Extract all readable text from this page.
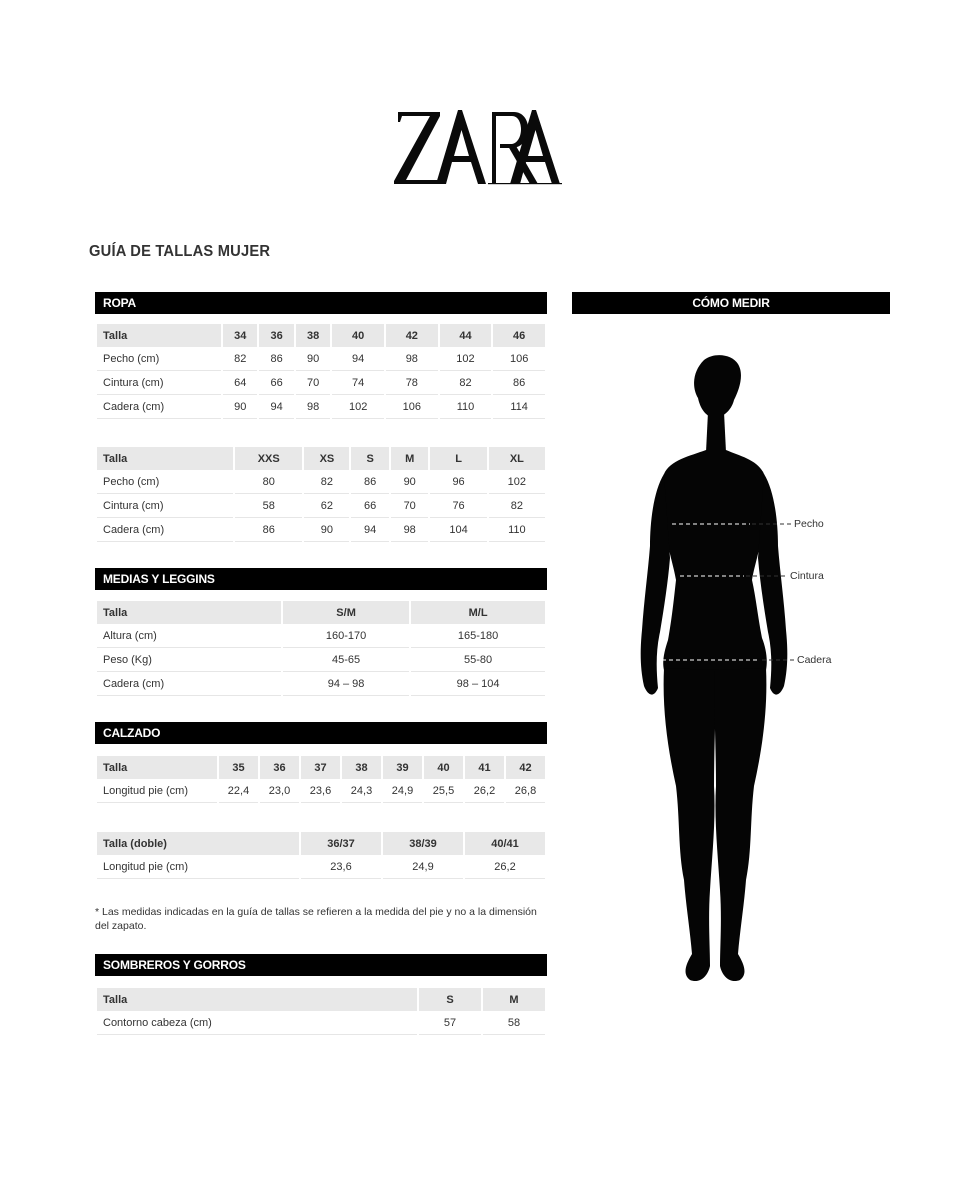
GUÍA DE TALLAS MUJER
ROPA
Talla	34	36	38	40	42	44	46
Pecho (cm)	82	86	90	94	98	102	106
Cintura (cm)	64	66	70	74	78	82	86
Cadera (cm)	90	94	98	102	106	110	114
Talla	XXS	XS	S	M	L	XL
Pecho (cm)	80	82	86	90	96	102
Cintura (cm)	58	62	66	70	76	82
Cadera (cm)	86	90	94	98	104	110
MEDIAS Y LEGGINS
Talla	S/M	M/L
Altura (cm)	160-170	165-180
Peso (Kg)	45-65	55-80
Cadera (cm)	94 – 98	98 – 104
CALZADO
Talla	35	36	37	38	39	40	41	42
Longitud pie (cm)	22,4	23,0	23,6	24,3	24,9	25,5	26,2	26,8
Talla (doble)	36/37	38/39	40/41
Longitud pie (cm)	23,6	24,9	26,2
* Las medidas indicadas en la guía de tallas se refieren a la medida del pie y no a la dimensión del zapato.
SOMBREROS Y GORROS
Talla	S	M
Contorno cabeza (cm)	57	58
CÓMO MEDIR
Pecho
Cintura
Cadera
